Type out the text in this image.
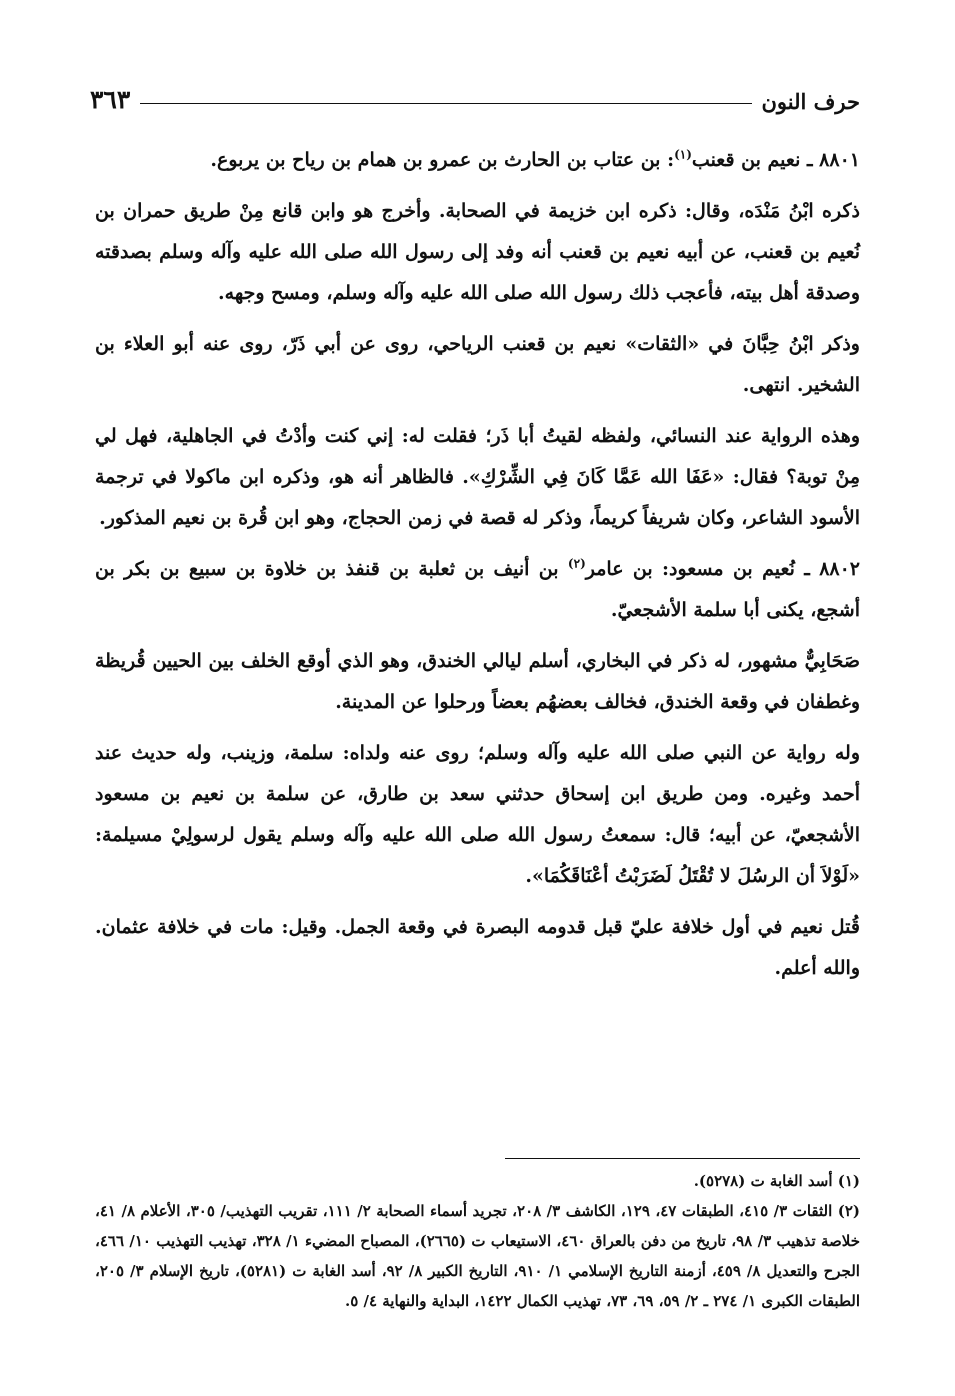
حرف النون
٣٦٣

٨٨٠١ ـ نعيم بن قعنب$^{(١)}$: بن عتاب بن الحارث بن عمرو بن همام بن رياح بن يربوع.

ذكره ابْنُ مَنْدَه، وقال: ذكره ابن خزيمة في الصحابة. وأخرج هو وابن قانع مِنْ طريق حمران بن نُعيم بن قعنب، عن أبيه نعيم بن قعنب أنه وفد إلى رسول الله صلى الله عليه وآله وسلم بصدقته وصدقة أهل بيته، فأعجب ذلك رسول الله صلى الله عليه وآله وسلم، ومسح وجهه.

وذكر ابْنُ حِبَّانَ في «الثقات» نعيم بن قعنب الرياحي، روى عن أبي ذَرّ، روى عنه أبو العلاء بن الشخير. انتهى.

وهذه الرواية عند النسائي، ولفظه لقيتُ أبا ذَر؛ فقلت له: إني كنت وأدْتُ في الجاهلية، فهل لي مِنْ توبة؟ فقال: «عَفَا الله عَمَّا كَانَ فِي الشِّرْكِ». فالظاهر أنه هو، وذكره ابن ماكولا في ترجمة الأسود الشاعر، وكان شريفاً كريماً، وذكر له قصة في زمن الحجاج، وهو ابن قُرة بن نعيم المذكور.

٨٨٠٢ ـ نُعيم بن مسعود: بن عامر$^{(٢)}$ بن أنيف بن ثعلبة بن قنفذ بن خلاوة بن سبيع بن بكر بن أشجع، يكنى أبا سلمة الأشجعيّ.

صَحَابِيٌّ مشهور، له ذكر في البخاري، أسلم ليالي الخندق، وهو الذي أوقع الخلف بين الحيين قُريظة وغطفان في وقعة الخندق، فخالف بعضهُم بعضاً ورحلوا عن المدينة.

وله رواية عن النبي صلى الله عليه وآله وسلم؛ روى عنه ولداه: سلمة، وزينب، وله حديث عند أحمد وغيره. ومن طريق ابن إسحاق حدثني سعد بن طارق، عن سلمة بن نعيم بن مسعود الأشجعيّ، عن أبيه؛ قال: سمعتُ رسول الله صلى الله عليه وآله وسلم يقول لرسولِيْ مسيلمة: «لَوْلاَ أن الرسُلَ لا تُقْتَلُ لَضَرَبْتُ أعْنَاقَكُمَا».

قُتل نعيم في أول خلافة عليّ قبل قدومه البصرة في وقعة الجمل. وقيل: مات في خلافة عثمان. والله أعلم.

(١) أسد الغابة ت (٥٢٧٨).

(٢) الثقات ٣/ ٤١٥، الطبقات ٤٧، ١٢٩، الكاشف ٣/ ٢٠٨، تجريد أسماء الصحابة ٢/ ١١١، تقريب التهذيب/ ٣٠٥، الأعلام ٨/ ٤١، خلاصة تذهيب ٣/ ٩٨، تاريخ من دفن بالعراق ٤٦٠، الاستيعاب ت (٢٦٦٥)، المصباح المضيء ١/ ٣٢٨، تهذيب التهذيب ١٠/ ٤٦٦، الجرح والتعديل ٨/ ٤٥٩، أزمنة التاريخ الإسلامي ١/ ٩١٠، التاريخ الكبير ٨/ ٩٢، أسد الغابة ت (٥٢٨١)، تاريخ الإسلام ٣/ ٢٠٥، الطبقات الكبرى ١/ ٢٧٤ ـ ٢/ ٥٩، ٦٩، ٧٣، تهذيب الكمال ١٤٢٢، البداية والنهاية ٤/ ٥.
